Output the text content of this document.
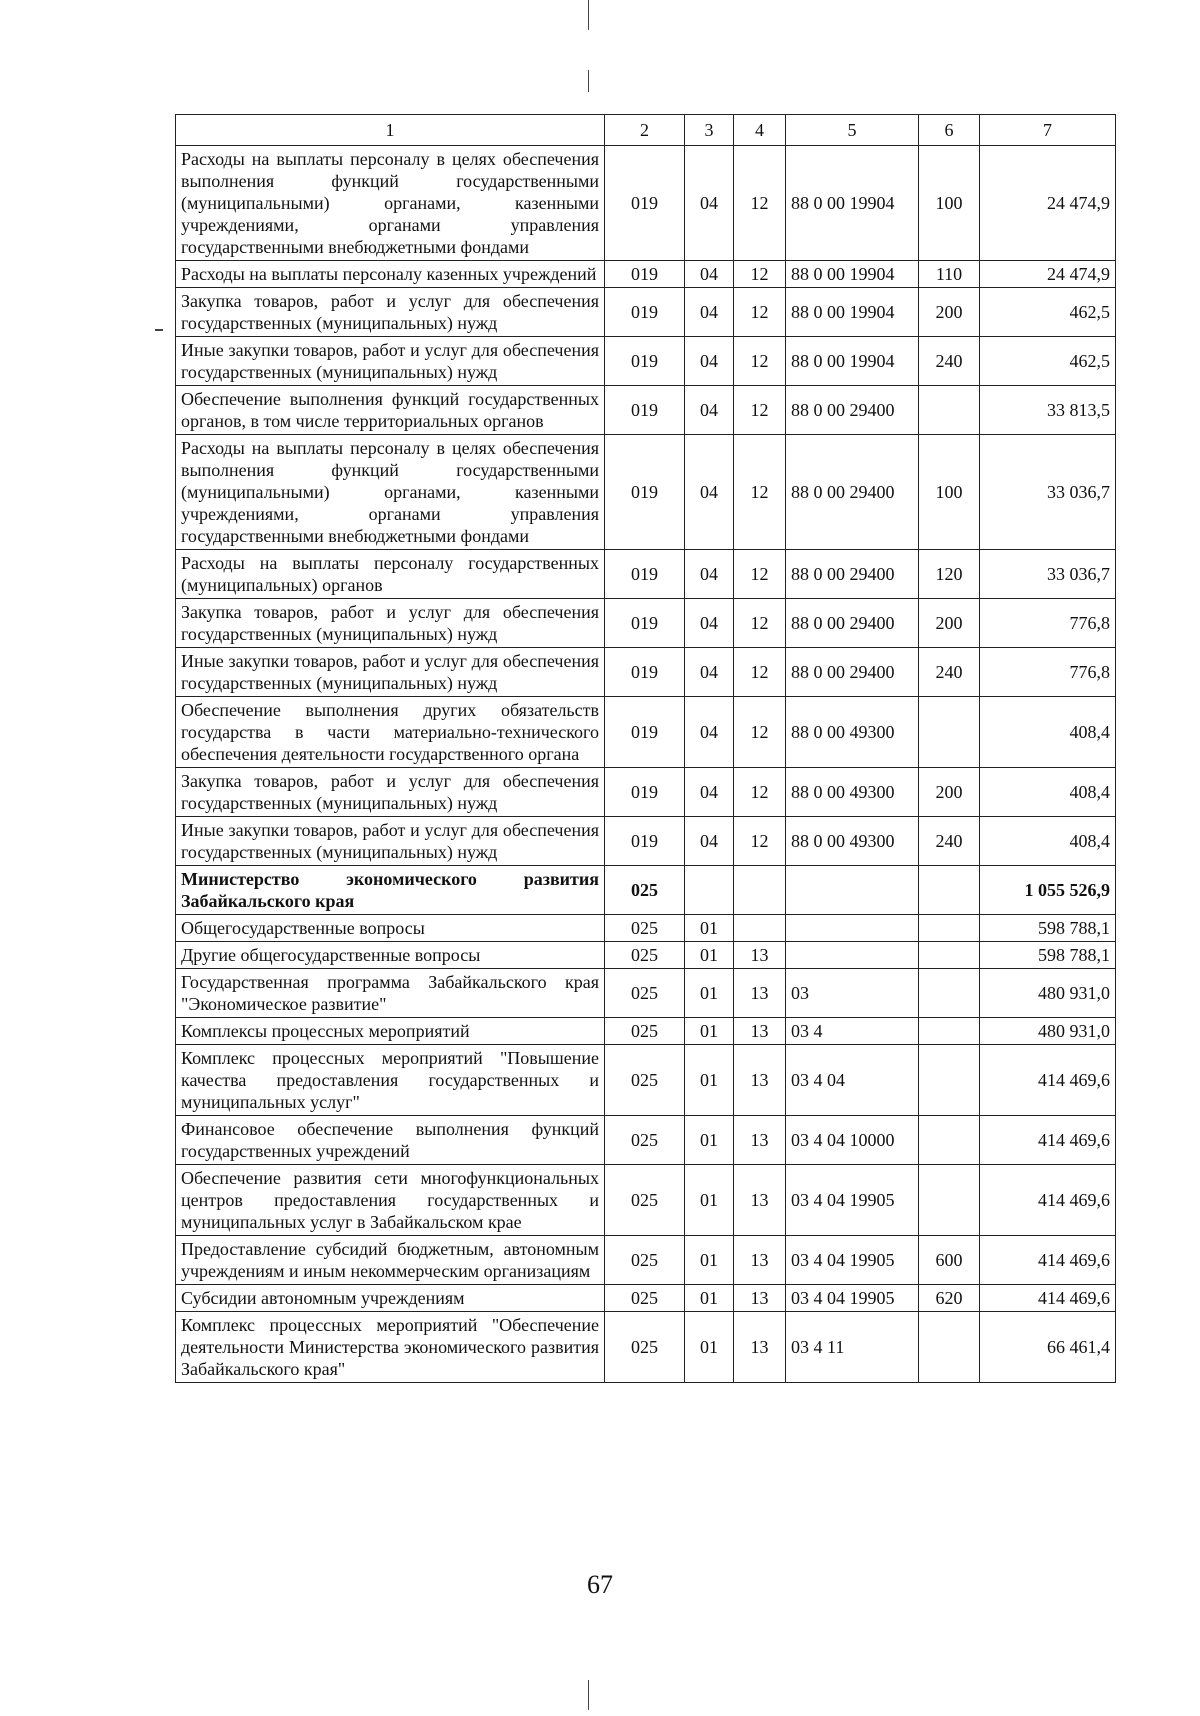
1	2	3	4	5	6	7
Расходы на выплаты персоналу в целях обеспечения выполнения функций государственными (муниципальными) органами, казенными учреждениями, органами управления государственными внебюджетными фондами	019	04	12	88 0 00 19904	100	24 474,9
Расходы на выплаты персоналу казенных учреждений	019	04	12	88 0 00 19904	110	24 474,9
Закупка товаров, работ и услуг для обеспечения государственных (муниципальных) нужд	019	04	12	88 0 00 19904	200	462,5
Иные закупки товаров, работ и услуг для обеспечения государственных (муниципальных) нужд	019	04	12	88 0 00 19904	240	462,5
Обеспечение выполнения функций государственных органов, в том числе территориальных органов	019	04	12	88 0 00 29400		33 813,5
Расходы на выплаты персоналу в целях обеспечения выполнения функций государственными (муниципальными) органами, казенными учреждениями, органами управления государственными внебюджетными фондами	019	04	12	88 0 00 29400	100	33 036,7
Расходы на выплаты персоналу государственных (муниципальных) органов	019	04	12	88 0 00 29400	120	33 036,7
Закупка товаров, работ и услуг для обеспечения государственных (муниципальных) нужд	019	04	12	88 0 00 29400	200	776,8
Иные закупки товаров, работ и услуг для обеспечения государственных (муниципальных) нужд	019	04	12	88 0 00 29400	240	776,8
Обеспечение выполнения других обязательств государства в части материально-технического обеспечения деятельности государственного органа	019	04	12	88 0 00 49300		408,4
Закупка товаров, работ и услуг для обеспечения государственных (муниципальных) нужд	019	04	12	88 0 00 49300	200	408,4
Иные закупки товаров, работ и услуг для обеспечения государственных (муниципальных) нужд	019	04	12	88 0 00 49300	240	408,4
Министерство экономического развития Забайкальского края	025					1 055 526,9
Общегосударственные вопросы	025	01				598 788,1
Другие общегосударственные вопросы	025	01	13			598 788,1
Государственная программа Забайкальского края "Экономическое развитие"	025	01	13	03		480 931,0
Комплексы процессных мероприятий	025	01	13	03 4		480 931,0
Комплекс процессных мероприятий "Повышение качества предоставления государственных и муниципальных услуг"	025	01	13	03 4 04		414 469,6
Финансовое обеспечение выполнения функций государственных учреждений	025	01	13	03 4 04 10000		414 469,6
Обеспечение развития сети многофункциональных центров предоставления государственных и муниципальных услуг в Забайкальском крае	025	01	13	03 4 04 19905		414 469,6
Предоставление субсидий бюджетным, автономным учреждениям и иным некоммерческим организациям	025	01	13	03 4 04 19905	600	414 469,6
Субсидии автономным учреждениям	025	01	13	03 4 04 19905	620	414 469,6
Комплекс процессных мероприятий "Обеспечение деятельности Министерства экономического развития Забайкальского края"	025	01	13	03 4 11		66 461,4
67
